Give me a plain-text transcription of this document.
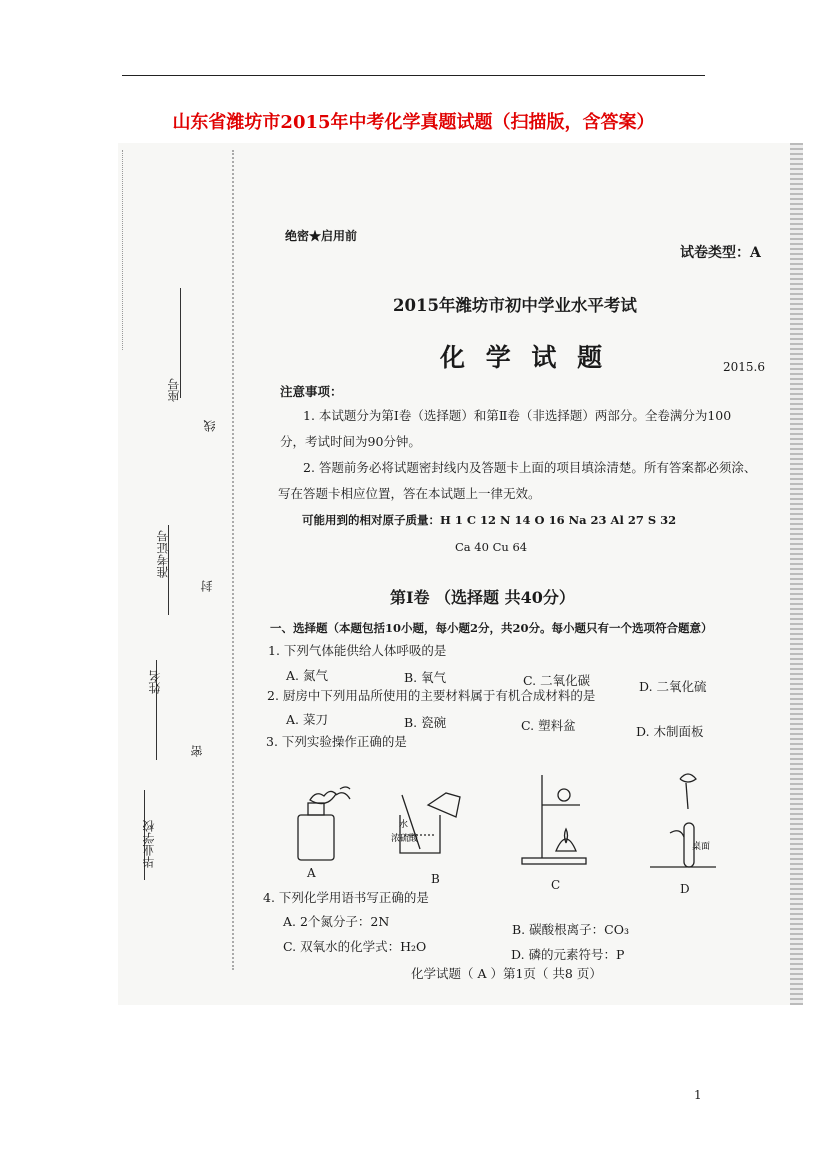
山东省潍坊市2015年中考化学真题试题（扫描版，含答案）
座号
准考证号
姓名
毕业学校
线
封
密
绝密★启用前
试卷类型：A
2015年潍坊市初中学业水平考试
化 学 试 题	2015.6
注意事项：
1. 本试题分为第Ⅰ卷（选择题）和第Ⅱ卷（非选择题）两部分。全卷满分为100
分，考试时间为90分钟。
2. 答题前务必将试题密封线内及答题卡上面的项目填涂清楚。所有答案都必须涂、
写在答题卡相应位置，答在本试题上一律无效。
可能用到的相对原子质量：H 1 C 12 N 14 O 16 Na 23 Al 27 S 32
Ca 40 Cu 64
第Ⅰ卷 （选择题 共40分）
一、选择题（本题包括10小题，每小题2分，共20分。每小题只有一个选项符合题意）
1. 下列气体能供给人体呼吸的是
A. 氮气	B. 氧气	C. 二氧化碳	D. 二氧化硫
2. 厨房中下列用品所使用的主要材料属于有机合成材料的是
A. 菜刀	B. 瓷碗	C. 塑料盆	D. 木制面板
3. 下列实验操作正确的是
水
浓硫酸
桌面
A	B	C	D
4. 下列化学用语书写正确的是
A. 2个氮分子：2N
B. 碳酸根离子：CO₃
C. 双氧水的化学式：H₂O
D. 磷的元素符号：P
化学试题（ A ）第1页（ 共8 页）
1
